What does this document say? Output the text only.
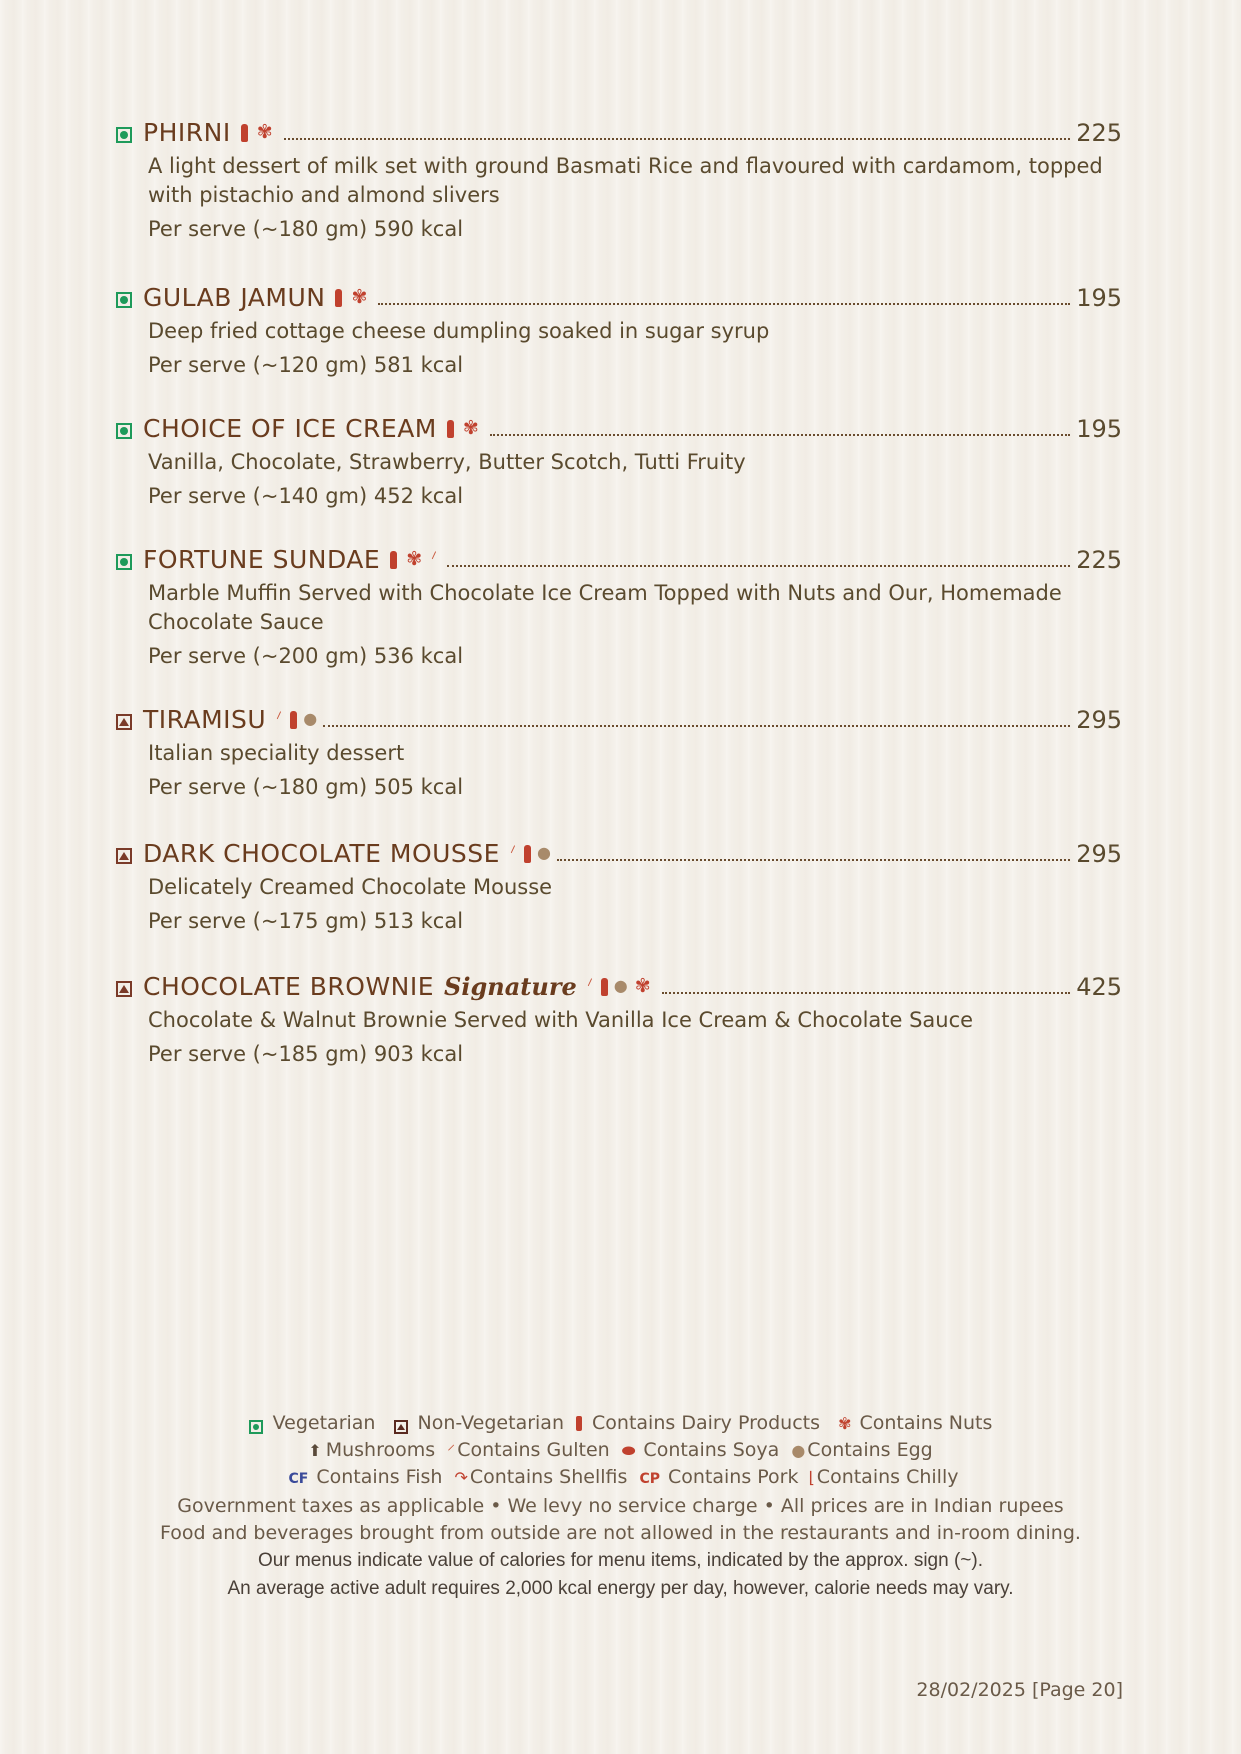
PHIRNI ✾	225
A light dessert of milk set with ground Basmati Rice and flavoured with cardamom, topped with pistachio and almond slivers
Per serve (~180 gm) 590 kcal
GULAB JAMUN ✾	195
Deep fried cottage cheese dumpling soaked in sugar syrup
Per serve (~120 gm) 581 kcal
CHOICE OF ICE CREAM ✾	195
Vanilla, Chocolate, Strawberry, Butter Scotch, Tutti Fruity
Per serve (~140 gm) 452 kcal
FORTUNE SUNDAE ✾ ⸍	225
Marble Muffin Served with Chocolate Ice Cream Topped with Nuts and Our, Homemade Chocolate Sauce
Per serve (~200 gm) 536 kcal
TIRAMISU ⸍ ●	295
Italian speciality dessert
Per serve (~180 gm) 505 kcal
DARK CHOCOLATE MOUSSE ⸍ ●	295
Delicately Creamed Chocolate Mousse
Per serve (~175 gm) 513 kcal
CHOCOLATE BROWNIE Signature ⸍ ● ✾	425
Chocolate & Walnut Brownie Served with Vanilla Ice Cream & Chocolate Sauce
Per serve (~185 gm) 903 kcal
Vegetarian Non-Vegetarian Contains Dairy Products ✾ Contains Nuts
⬆ Mushrooms ⸍ Contains Gulten ⬬ Contains Soya ● Contains Egg
CF Contains Fish ↷ Contains Shellfis CP Contains Pork ⌊ Contains Chilly
Government taxes as applicable • We levy no service charge • All prices are in Indian rupees
Food and beverages brought from outside are not allowed in the restaurants and in-room dining.
Our menus indicate value of calories for menu items, indicated by the approx. sign (~).
An average active adult requires 2,000 kcal energy per day, however, calorie needs may vary.
28/02/2025 [Page 20]
